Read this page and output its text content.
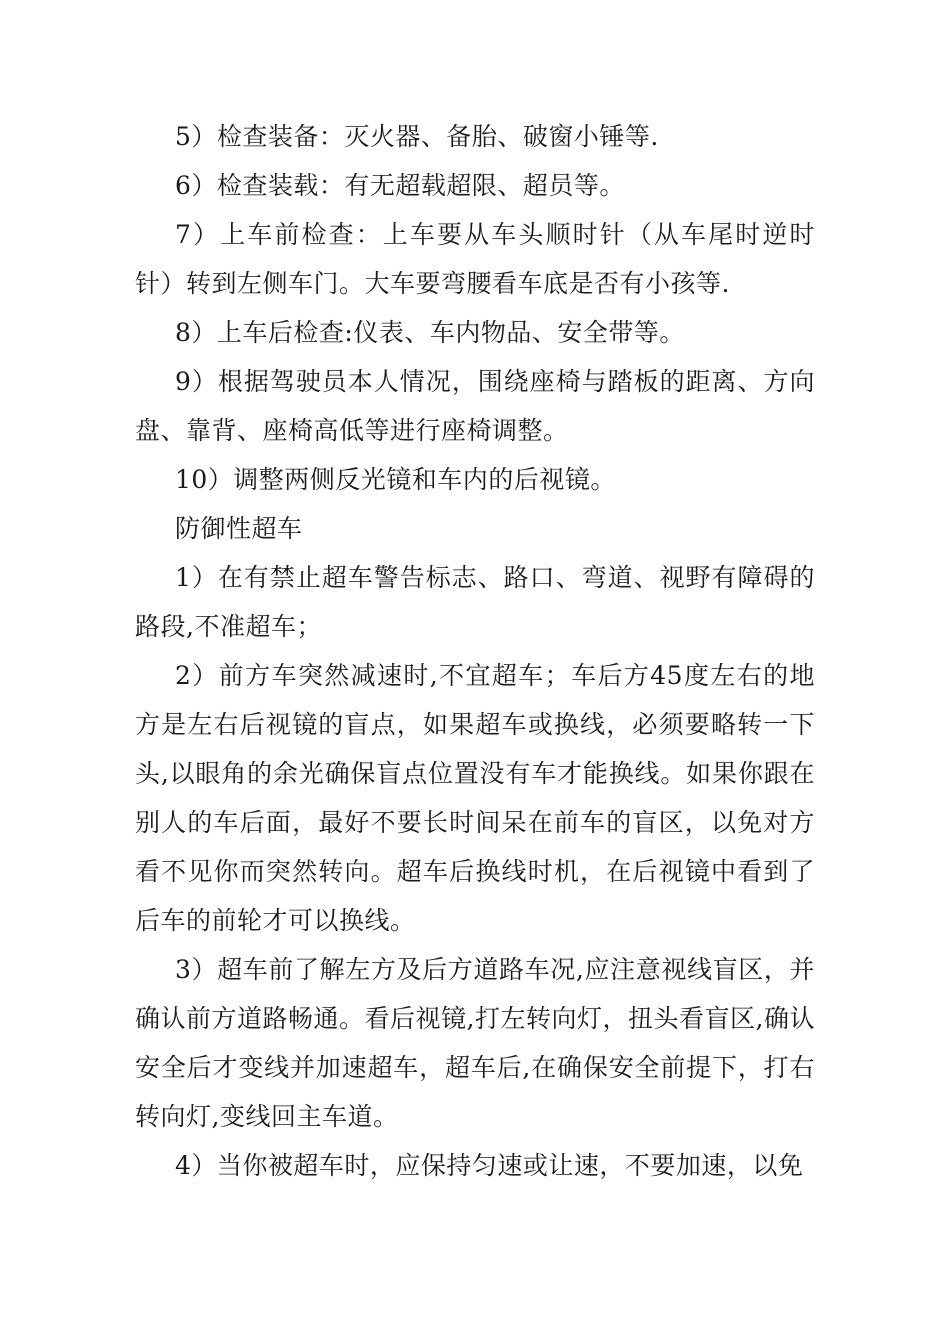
5）检查装备：灭火器、备胎、破窗小锤等.

6）检查装载：有无超载超限、超员等。

7）上车前检查：上车要从车头顺时针（从车尾时逆时针）转到左侧车门。大车要弯腰看车底是否有小孩等.

8）上车后检查:仪表、车内物品、安全带等。

9）根据驾驶员本人情况，围绕座椅与踏板的距离、方向盘、靠背、座椅高低等进行座椅调整。

10）调整两侧反光镜和车内的后视镜。

防御性超车

1）在有禁止超车警告标志、路口、弯道、视野有障碍的路段,不准超车；

2）前方车突然减速时,不宜超车；车后方45度左右的地方是左右后视镜的盲点，如果超车或换线，必须要略转一下头,以眼角的余光确保盲点位置没有车才能换线。如果你跟在别人的车后面，最好不要长时间呆在前车的盲区，以免对方看不见你而突然转向。超车后换线时机，在后视镜中看到了后车的前轮才可以换线。

3）超车前了解左方及后方道路车况,应注意视线盲区，并确认前方道路畅通。看后视镜,打左转向灯，扭头看盲区,确认安全后才变线并加速超车，超车后,在确保安全前提下，打右转向灯,变线回主车道。

4）当你被超车时，应保持匀速或让速，不要加速，以免
